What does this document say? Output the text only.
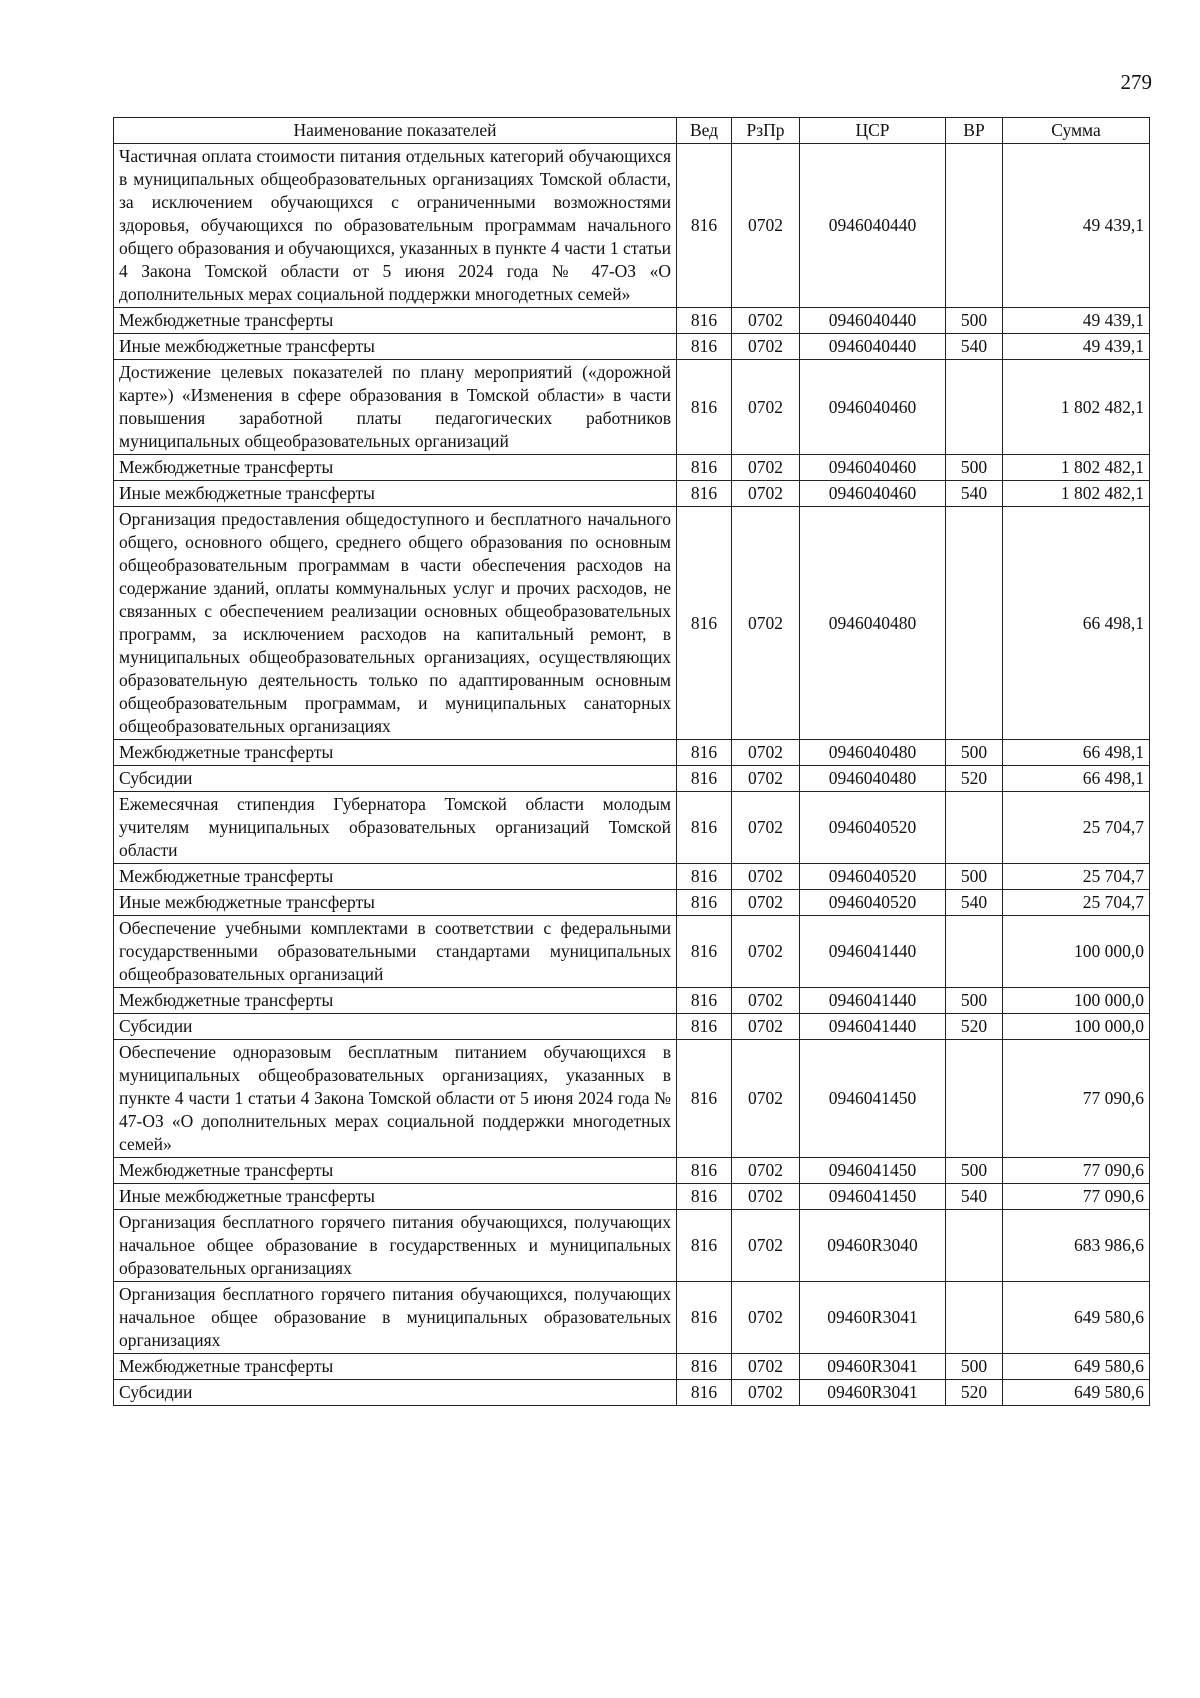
279
Наименование показателей	Вед	РзПр	ЦСР	ВР	Сумма
Частичная оплата стоимости питания отдельных категорий обучающихся в муниципальных общеобразовательных организациях Томской области, за исключением обучающихся с ограниченными возможностями здоровья, обучающихся по образовательным программам начального общего образования и обучающихся, указанных в пункте 4 части 1 статьи 4 Закона Томской области от 5 июня 2024 года № 47-ОЗ «О дополнительных мерах социальной поддержки многодетных семей»	816	0702	0946040440		49 439,1
Межбюджетные трансферты	816	0702	0946040440	500	49 439,1
Иные межбюджетные трансферты	816	0702	0946040440	540	49 439,1
Достижение целевых показателей по плану мероприятий («дорожной карте») «Изменения в сфере образования в Томской области» в части повышения заработной платы педагогических работников муниципальных общеобразовательных организаций	816	0702	0946040460		1 802 482,1
Межбюджетные трансферты	816	0702	0946040460	500	1 802 482,1
Иные межбюджетные трансферты	816	0702	0946040460	540	1 802 482,1
Организация предоставления общедоступного и бесплатного начального общего, основного общего, среднего общего образования по основным общеобразовательным программам в части обеспечения расходов на содержание зданий, оплаты коммунальных услуг и прочих расходов, не связанных с обеспечением реализации основных общеобразовательных программ, за исключением расходов на капитальный ремонт, в муниципальных общеобразовательных организациях, осуществляющих образовательную деятельность только по адаптированным основным общеобразовательным программам, и муниципальных санаторных общеобразовательных организациях	816	0702	0946040480		66 498,1
Межбюджетные трансферты	816	0702	0946040480	500	66 498,1
Субсидии	816	0702	0946040480	520	66 498,1
Ежемесячная стипендия Губернатора Томской области молодым учителям муниципальных образовательных организаций Томской области	816	0702	0946040520		25 704,7
Межбюджетные трансферты	816	0702	0946040520	500	25 704,7
Иные межбюджетные трансферты	816	0702	0946040520	540	25 704,7
Обеспечение учебными комплектами в соответствии с федеральными государственными образовательными стандартами муниципальных общеобразовательных организаций	816	0702	0946041440		100 000,0
Межбюджетные трансферты	816	0702	0946041440	500	100 000,0
Субсидии	816	0702	0946041440	520	100 000,0
Обеспечение одноразовым бесплатным питанием обучающихся в муниципальных общеобразовательных организациях, указанных в пункте 4 части 1 статьи 4 Закона Томской области от 5 июня 2024 года № 47-ОЗ «О дополнительных мерах социальной поддержки многодетных семей»	816	0702	0946041450		77 090,6
Межбюджетные трансферты	816	0702	0946041450	500	77 090,6
Иные межбюджетные трансферты	816	0702	0946041450	540	77 090,6
Организация бесплатного горячего питания обучающихся, получающих начальное общее образование в государственных и муниципальных образовательных организациях	816	0702	09460R3040		683 986,6
Организация бесплатного горячего питания обучающихся, получающих начальное общее образование в муниципальных образовательных организациях	816	0702	09460R3041		649 580,6
Межбюджетные трансферты	816	0702	09460R3041	500	649 580,6
Субсидии	816	0702	09460R3041	520	649 580,6
